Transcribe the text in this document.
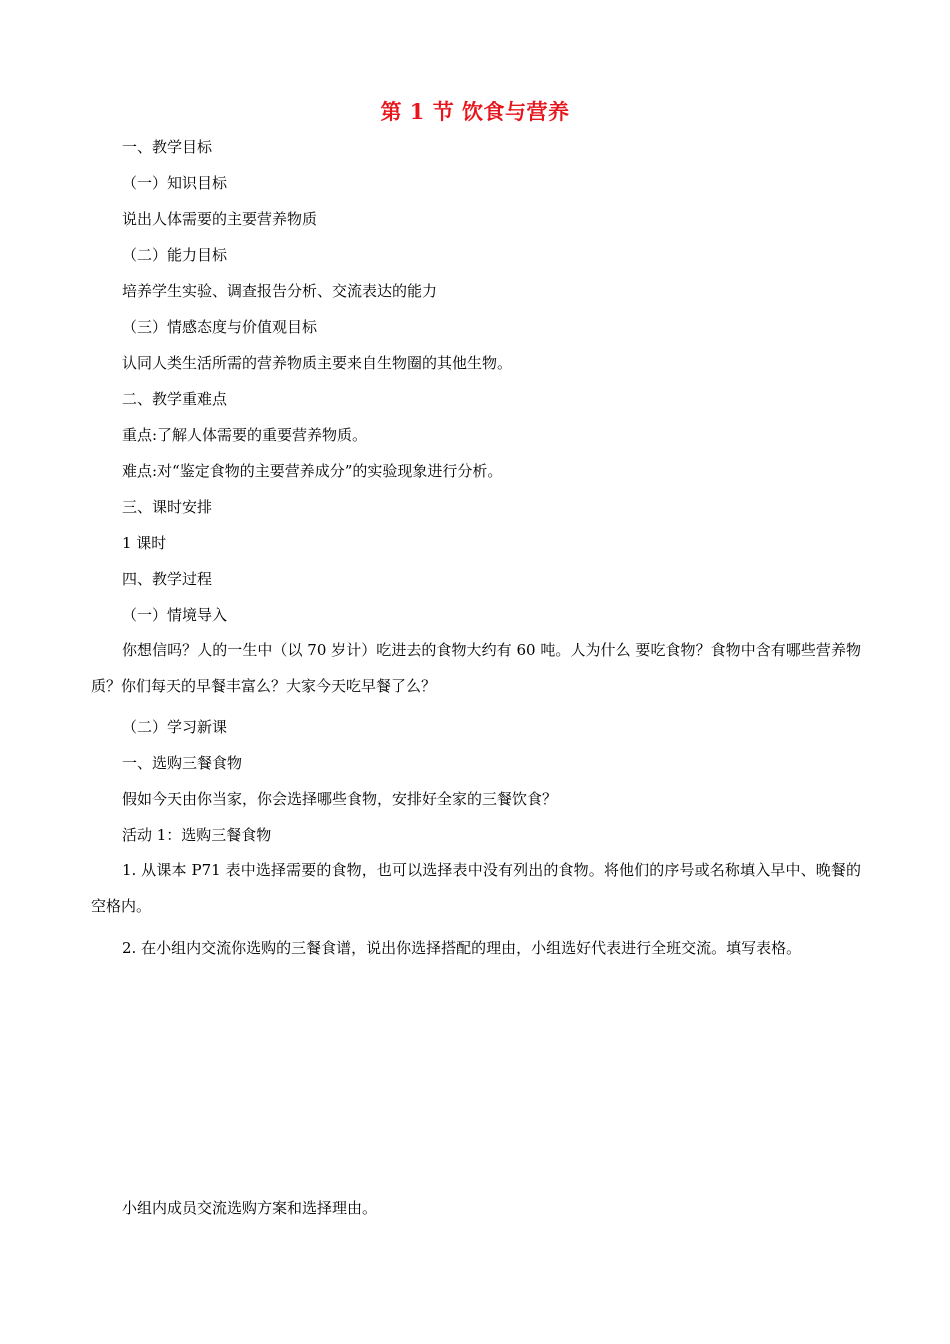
第 1 节 饮食与营养
一、教学目标
（一）知识目标
说出人体需要的主要营养物质
（二）能力目标
培养学生实验、调查报告分析、交流表达的能力
（三）情感态度与价值观目标
认同人类生活所需的营养物质主要来自生物圈的其他生物。
二、教学重难点
重点:了解人体需要的重要营养物质。
难点:对“鉴定食物的主要营养成分”的实验现象进行分析。
三、课时安排
1 课时
四、教学过程
（一）情境导入
你想信吗？人的一生中（以 70 岁计）吃进去的食物大约有 60 吨。人为什么 要吃食物？食物中含有哪些营养物质？你们每天的早餐丰富么？大家今天吃早餐了么？
（二）学习新课
一、选购三餐食物
假如今天由你当家，你会选择哪些食物，安排好全家的三餐饮食？
活动 1：选购三餐食物
1. 从课本 P71 表中选择需要的食物，也可以选择表中没有列出的食物。将他们的序号或名称填入早中、晚餐的空格内。
2. 在小组内交流你选购的三餐食谱，说出你选择搭配的理由，小组选好代表进行全班交流。填写表格。
小组内成员交流选购方案和选择理由。
